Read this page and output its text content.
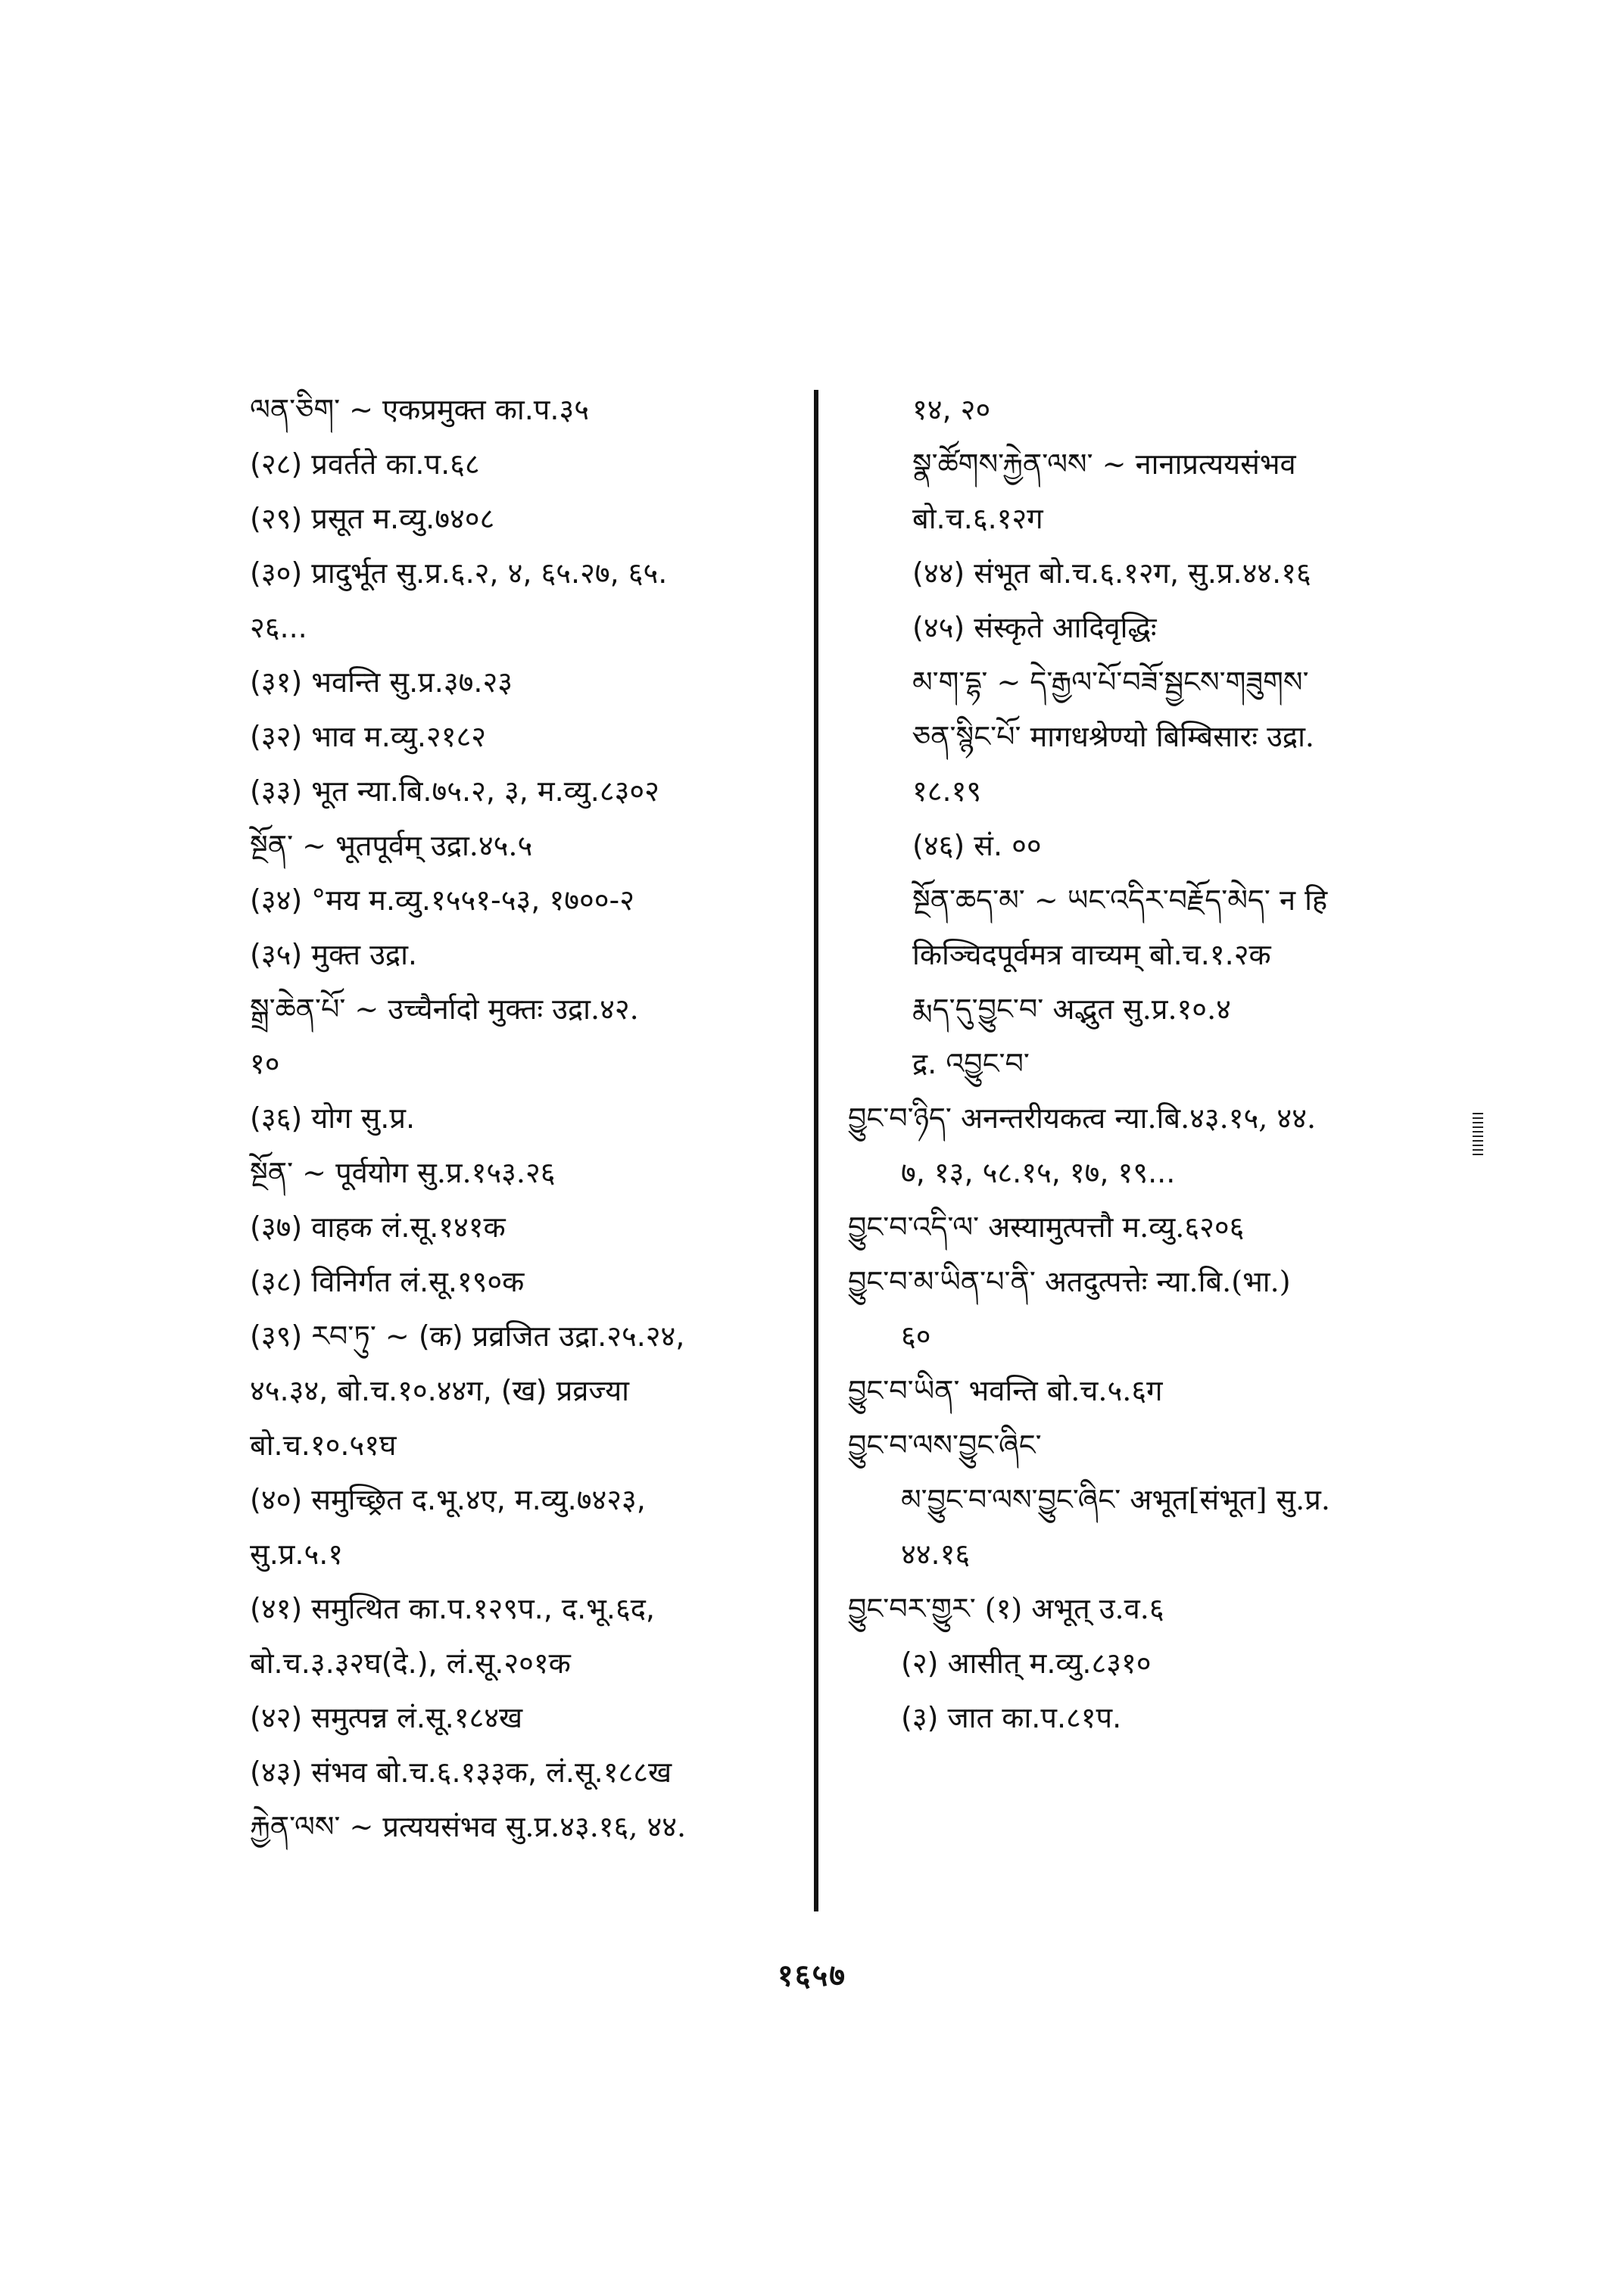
ལན་ཅིག་ ~ एकप्रमुक्त का.प.३५
(२८) प्रवर्तते का.प.६८
(२९) प्रसूत म.व्यु.७४०८
(३०) प्रादुर्भूत सु.प्र.६.२, ४, ६५.२७, ६५.
२६...
(३१) भवन्ति सु.प्र.३७.२३
(३२) भाव म.व्यु.२१८२
(३३) भूत न्या.बि.७५.२, ३, म.व्यु.८३०२
སྔོན་ ~ भूतपूर्वम् उद्रा.४५.५
(३४) °मय म.व्यु.१५५१-५३, १७००-२
(३५) मुक्त उद्रा.
སྒྲ་ཆེན་པོ་ ~ उच्चैर्नादो मुक्तः उद्रा.४२.
१०
(३६) योग सु.प्र.
སྔོན་ ~ पूर्वयोग सु.प्र.१५३.२६
(३७) वाहक लं.सू.१४१क
(३८) विनिर्गत लं.सू.१९०क
(३९) རབ་ཏུ་ ~ (क) प्रव्रजित उद्रा.२५.२४,
४५.३४, बो.च.१०.४४ग, (ख) प्रव्रज्या
बो.च.१०.५१घ
(४०) समुच्छ्रित द.भू.४ए, म.व्यु.७४२३,
सु.प्र.५.१
(४१) समुत्थित का.प.१२९प., द.भू.६द,
बो.च.३.३२घ(दे.), लं.सू.२०१क
(४२) समुत्पन्न लं.सू.१८४ख
(४३) संभव बो.च.६.१३३क, लं.सू.१८८ख
རྐྱེན་ལས་ ~ प्रत्ययसंभव सु.प्र.४३.१६, ४४.
१४, २०
སྣ་ཚོགས་རྐྱེན་ལས་ ~ नानाप्रत्ययसंभव
बो.च.६.१२ग
(४४) संभूत बो.च.६.१२ग, सु.प्र.४४.१६
(४५) संस्कृते आदिवृद्धिः
མ་ག་དྷ་ ~ དེ་རྒྱལ་པོ་བཟོ་སྦྱངས་གཟུགས་
ཅན་སྙིང་པོ་ मागधश्रेण्यो बिम्बिसारः उद्रा.
१८.१९
(४६) सं. ००
སྔོན་ཆད་མ་ ~ ཡང་འདིར་བརྗོད་མེད་ न हि
किञ्चिदपूर्वमत्र वाच्यम् बो.च.१.२क
རྨད་དུ་བྱུང་བ་ अद्भुत सु.प्र.१०.४
द्र. འབྱུང་བ་
བྱུང་བ་ཉིད་ अनन्तरीयकत्व न्या.बि.४३.१५, ४४.
७, १३, ५८.१५, १७, १९...
བྱུང་བ་འདི་ལ་ अस्यामुत्पत्तौ म.व्यु.६२०६
བྱུང་བ་མ་ཡིན་པ་ནི་ अतदुत्पत्तेः न्या.बि.(भा.)
६०
བྱུང་བ་ཡིན་ भवन्ति बो.च.५.६ग
བྱུང་བ་ལས་བྱུང་ཞིང་
མ་བྱུང་བ་ལས་བྱུང་ཞིང་ अभूत[संभूत] सु.प्र.
४४.१६
བྱུང་བར་གྱུར་ (१) अभूत् उ.व.६
(२) आसीत् म.व्यु.८३१०
(३) जात का.प.८१प.
१६५७
